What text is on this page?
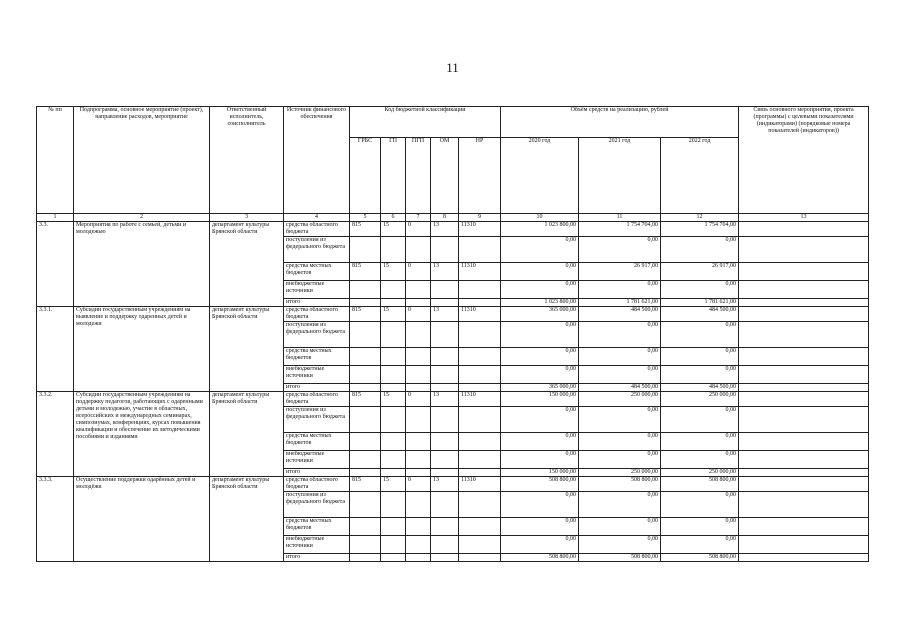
11
№ пп	Подпрограмма, основное мероприятие (проект), направление расходов, мероприятие	Ответственный исполнитель, соисполнитель	Источник финансового обеспечения	Код бюджетной классификации					Объём средств на реализацию, рублей			Связь основного мероприятия, проекта (программы) с целевыми показателями (индикаторами) (порядковые номера показателей (индикаторов))
				ГРБС	ГП	ПГП	ОМ	НР	2020 год	2021 год	2022 год	
1	2	3	4	5	6	7	8	9	10	11	12	13
3.3.	Мероприятия по работе с семьей, детьми и молодежью	департамент культуры Брянской области	средства областного бюджета	815	15	0	13	11310	1 023 800,00	1 754 704,00	1 754 704,00	
			поступления из федерального бюджета						0,00	0,00	0,00	
			средства местных бюджетов	815	15	0	13	11310	0,00	26 917,00	26 917,00	
			внебюджетные источники						0,00	0,00	0,00	
			итого						1 023 800,00	1 781 621,00	1 781 621,00	
3.3.1.	Субсидии государственным учреждениям на выявление и поддержку одаренных детей и молодежи	департамент культуры Брянской области	средства областного бюджета	815	15	0	13	11310	365 000,00	484 500,00	484 500,00	
			поступления из федерального бюджета						0,00	0,00	0,00	
			средства местных бюджетов						0,00	0,00	0,00	
			внебюджетные источники						0,00	0,00	0,00	
			итого						365 000,00	484 500,00	484 500,00	
3.3.2.	Субсидии государственным учреждениям на поддержку педагогов, работающих с одаренными детьми и молодежью, участие в областных, всероссийских и международных семинарах, симпозиумах, конференциях, курсах повышения квалификации и обеспечение их методическими пособиями и изданиями	департамент культуры Брянской области	средства областного бюджета	815	15	0	13	11310	150 000,00	250 000,00	250 000,00	
			поступления из федерального бюджета						0,00	0,00	0,00	
			средства местных бюджетов						0,00	0,00	0,00	
			внебюджетные источники						0,00	0,00	0,00	
			итого						150 000,00	250 000,00	250 000,00	
3.3.3.	Осуществление поддержки одарённых детей и молодёжи	департамент культуры Брянской области	средства областного бюджета	815	15	0	13	11310	508 800,00	508 800,00	508 800,00	
			поступления из федерального бюджета						0,00	0,00	0,00	
			средства местных бюджетов						0,00	0,00	0,00	
			внебюджетные источники						0,00	0,00	0,00	
			итого						508 800,00	508 800,00	508 800,00	
